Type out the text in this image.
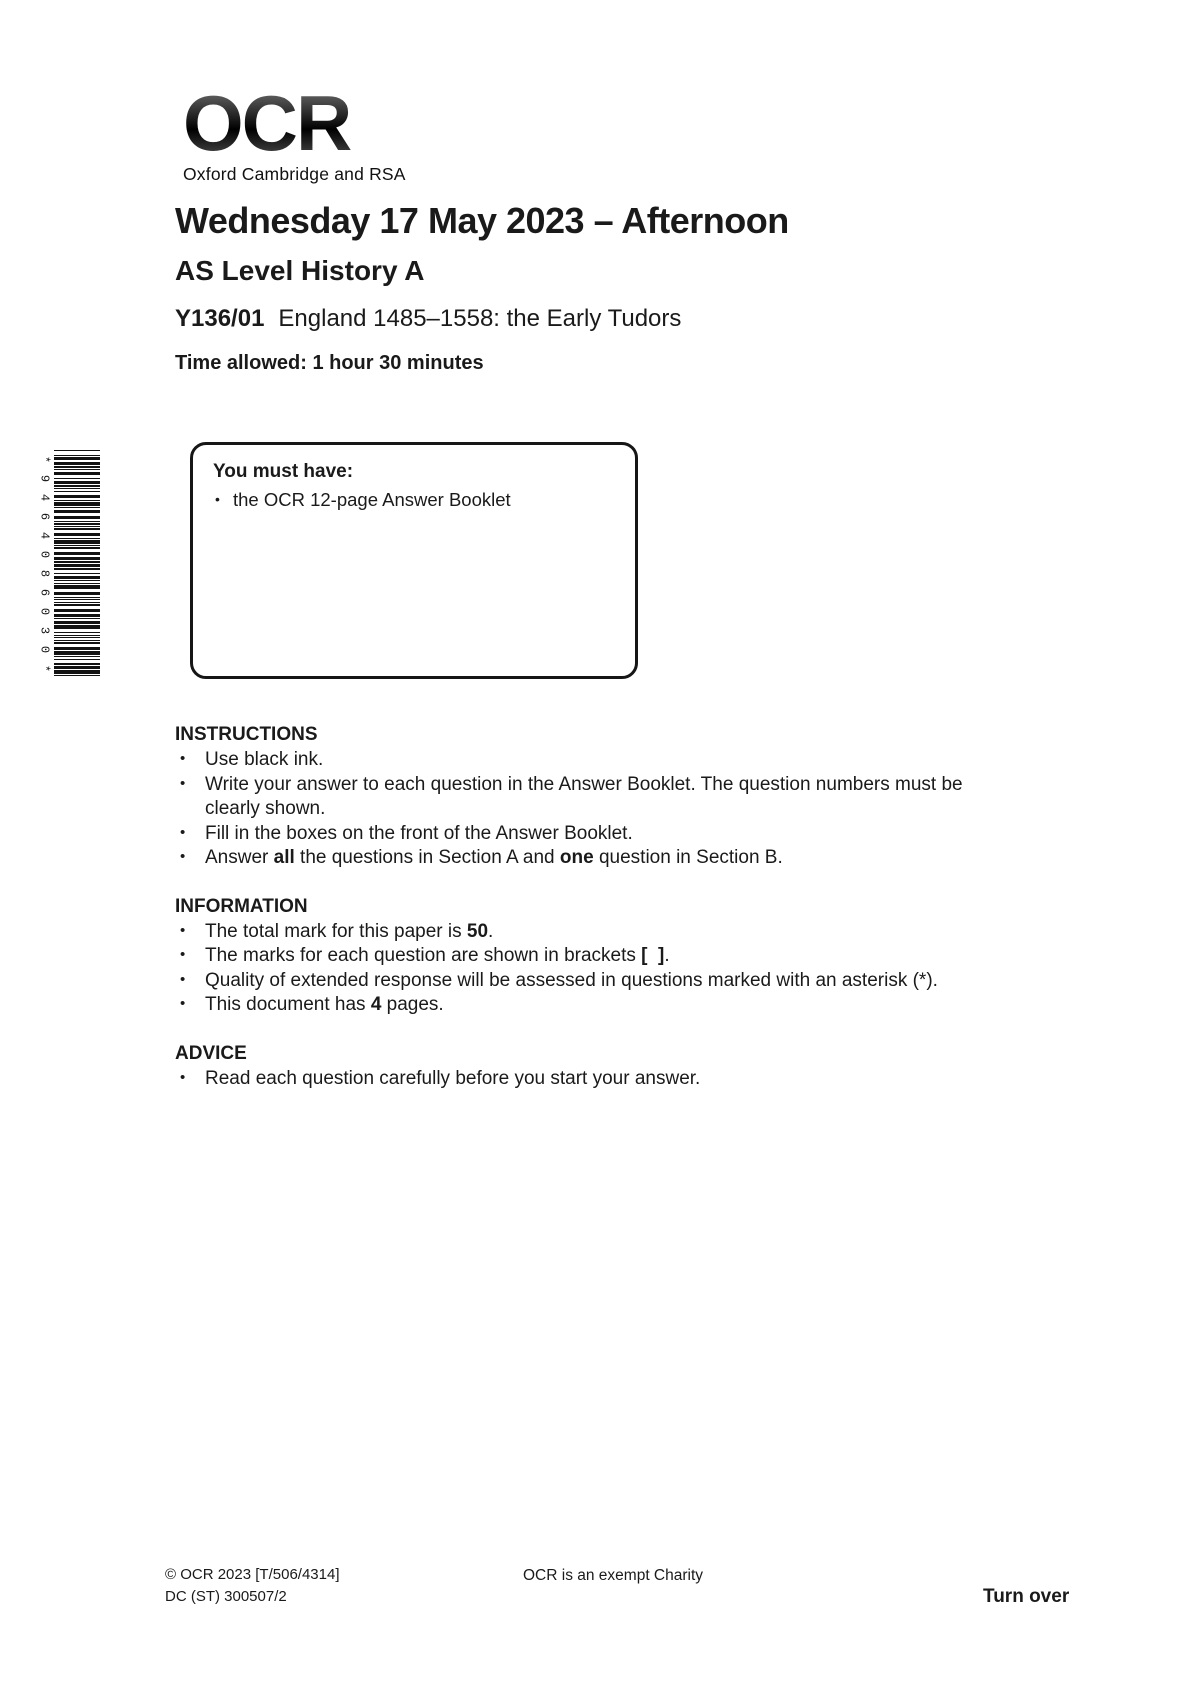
OCR
Oxford Cambridge and RSA
Wednesday 17 May 2023 – Afternoon
AS Level History A
Y136/01 England 1485–1558: the Early Tudors
Time allowed: 1 hour 30 minutes
*
9
4
6
4
0
8
6
0
3
0
*
You must have:
• the OCR 12-page Answer Booklet
INSTRUCTIONS
• Use black ink.
• Write your answer to each question in the Answer Booklet. The question numbers must be clearly shown.
• Fill in the boxes on the front of the Answer Booklet.
• Answer all the questions in Section A and one question in Section B.
INFORMATION
• The total mark for this paper is 50.
• The marks for each question are shown in brackets [  ].
• Quality of extended response will be assessed in questions marked with an asterisk (*).
• This document has 4 pages.
ADVICE
• Read each question carefully before you start your answer.
© OCR 2023 [T/506/4314]
DC (ST) 300507/2
OCR is an exempt Charity
Turn over
